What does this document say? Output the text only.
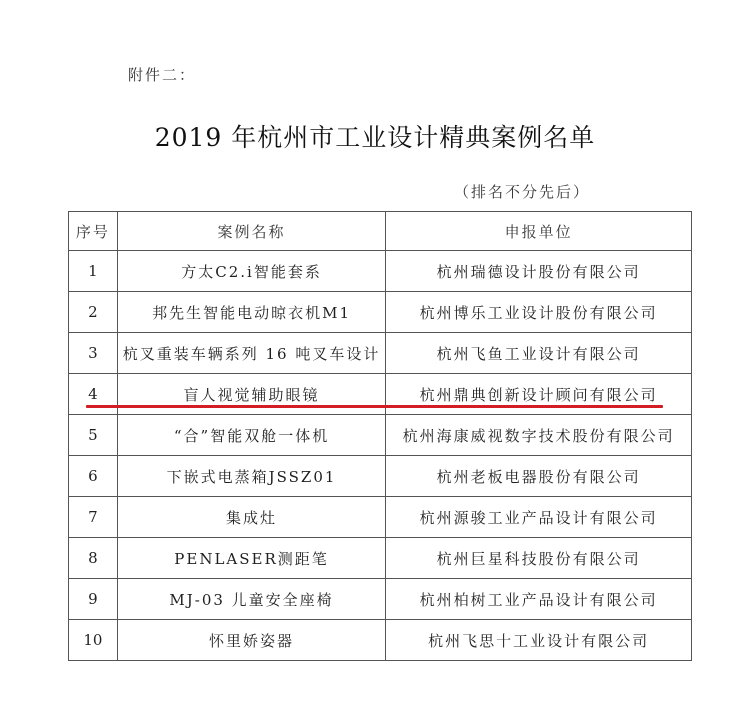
附件二：
2019 年杭州市工业设计精典案例名单
（排名不分先后）
序号	案例名称	申报单位
1	方太C2.i智能套系	杭州瑞德设计股份有限公司
2	邦先生智能电动晾衣机M1	杭州博乐工业设计股份有限公司
3	杭叉重装车辆系列 16 吨叉车设计	杭州飞鱼工业设计有限公司
4	盲人视觉辅助眼镜	杭州鼎典创新设计顾问有限公司
5	“合”智能双舱一体机	杭州海康威视数字技术股份有限公司
6	下嵌式电蒸箱JSSZ01	杭州老板电器股份有限公司
7	集成灶	杭州源骏工业产品设计有限公司
8	PENLASER测距笔	杭州巨星科技股份有限公司
9	MJ-03 儿童安全座椅	杭州柏树工业产品设计有限公司
10	怀里娇姿器	杭州飞思十工业设计有限公司
